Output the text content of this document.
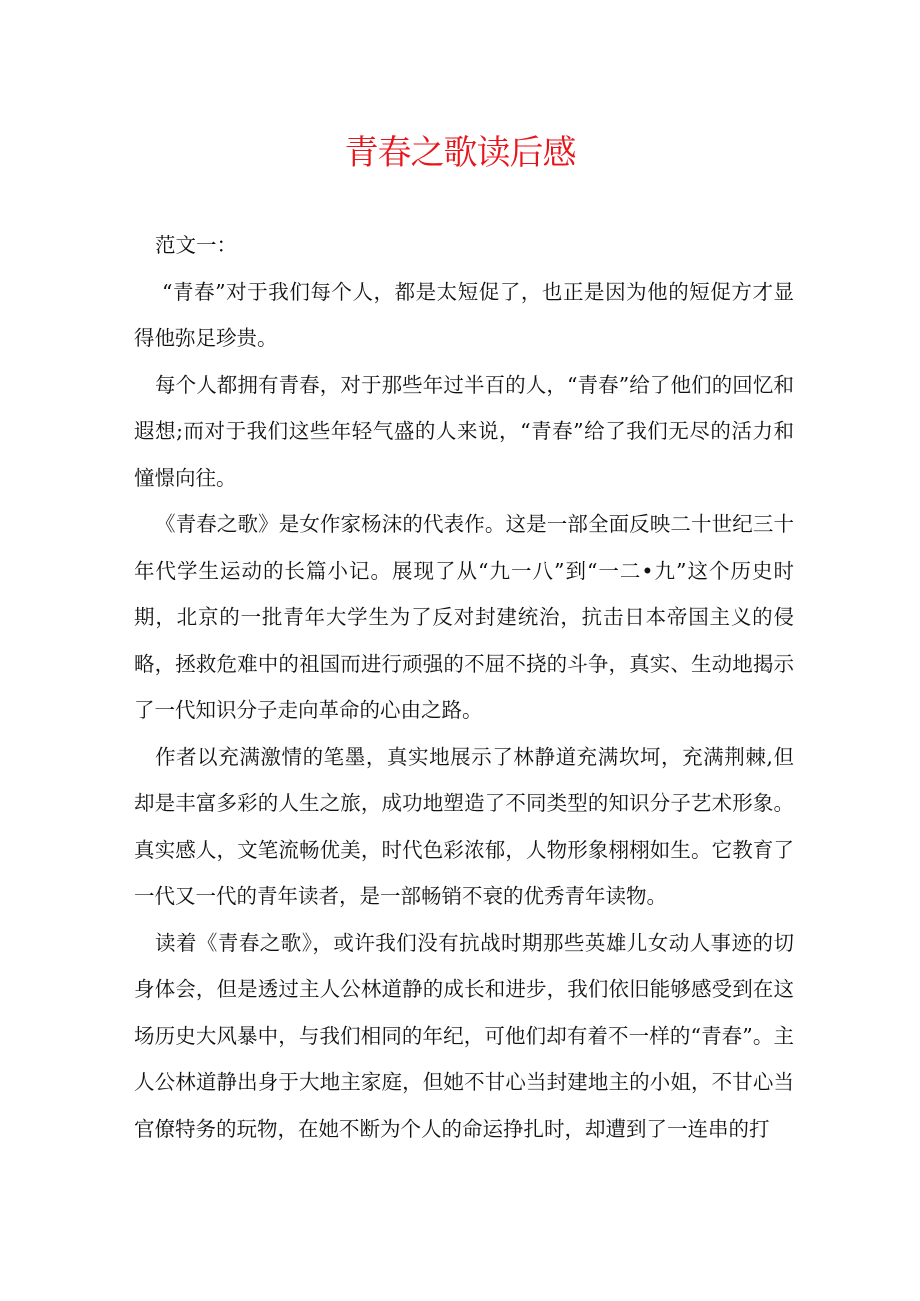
青春之歌读后感

范文一：

“青春”对于我们每个人，都是太短促了，也正是因为他的短促方才显得他弥足珍贵。

每个人都拥有青春，对于那些年过半百的人，“青春”给了他们的回忆和遐想;而对于我们这些年轻气盛的人来说，“青春”给了我们无尽的活力和憧憬向往。

《青春之歌》是女作家杨沫的代表作。这是一部全面反映二十世纪三十年代学生运动的长篇小记。展现了从“九一八”到“一二•九”这个历史时期，北京的一批青年大学生为了反对封建统治，抗击日本帝国主义的侵略，拯救危难中的祖国而进行顽强的不屈不挠的斗争，真实、生动地揭示了一代知识分子走向革命的心由之路。

作者以充满激情的笔墨，真实地展示了林静道充满坎坷，充满荆棘,但却是丰富多彩的人生之旅，成功地塑造了不同类型的知识分子艺术形象。真实感人，文笔流畅优美，时代色彩浓郁，人物形象栩栩如生。它教育了一代又一代的青年读者，是一部畅销不衰的优秀青年读物。

读着《青春之歌》，或许我们没有抗战时期那些英雄儿女动人事迹的切身体会，但是透过主人公林道静的成长和进步，我们依旧能够感受到在这场历史大风暴中，与我们相同的年纪，可他们却有着不一样的“青春”。主人公林道静出身于大地主家庭，但她不甘心当封建地主的小姐，不甘心当官僚特务的玩物，在她不断为个人的命运挣扎时，却遭到了一连串的打
